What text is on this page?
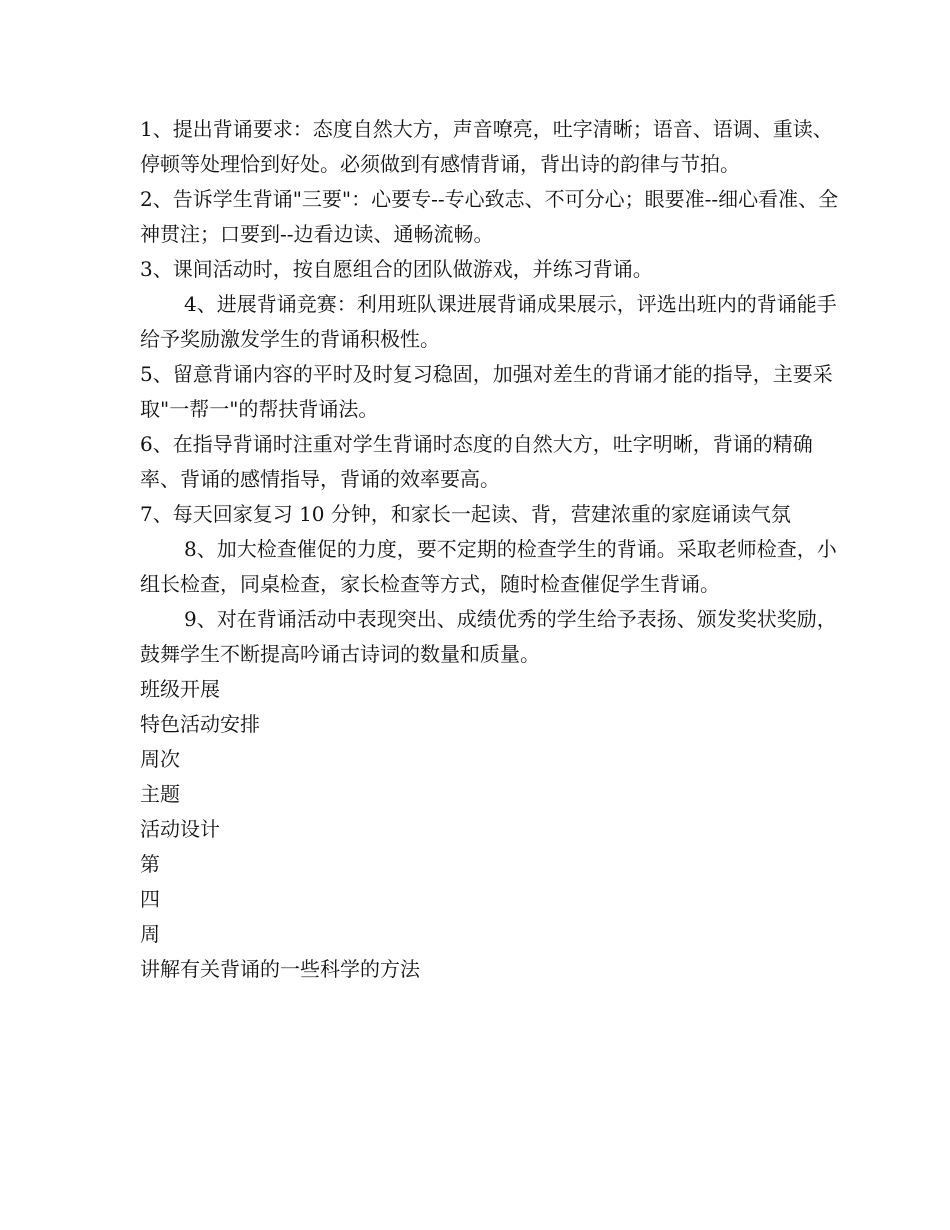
1、提出背诵要求：态度自然大方，声音嘹亮，吐字清晰；语音、语调、重读、停顿等处理恰到好处。必须做到有感情背诵，背出诗的韵律与节拍。

2、告诉学生背诵"三要"：心要专--专心致志、不可分心；眼要准--细心看准、全神贯注；口要到--边看边读、通畅流畅。

3、课间活动时，按自愿组合的团队做游戏，并练习背诵。

4、进展背诵竞赛：利用班队课进展背诵成果展示，评选出班内的背诵能手给予奖励激发学生的背诵积极性。

5、留意背诵内容的平时及时复习稳固，加强对差生的背诵才能的指导，主要采取"一帮一"的帮扶背诵法。

6、在指导背诵时注重对学生背诵时态度的自然大方，吐字明晰，背诵的精确率、背诵的感情指导，背诵的效率要高。

7、每天回家复习 10 分钟，和家长一起读、背，营建浓重的家庭诵读气氛

8、加大检查催促的力度，要不定期的检查学生的背诵。采取老师检查，小组长检查，同桌检查，家长检查等方式，随时检查催促学生背诵。

9、对在背诵活动中表现突出、成绩优秀的学生给予表扬、颁发奖状奖励，鼓舞学生不断提高吟诵古诗词的数量和质量。

班级开展
特色活动安排
周次
主题
活动设计
第
四
周
讲解有关背诵的一些科学的方法
